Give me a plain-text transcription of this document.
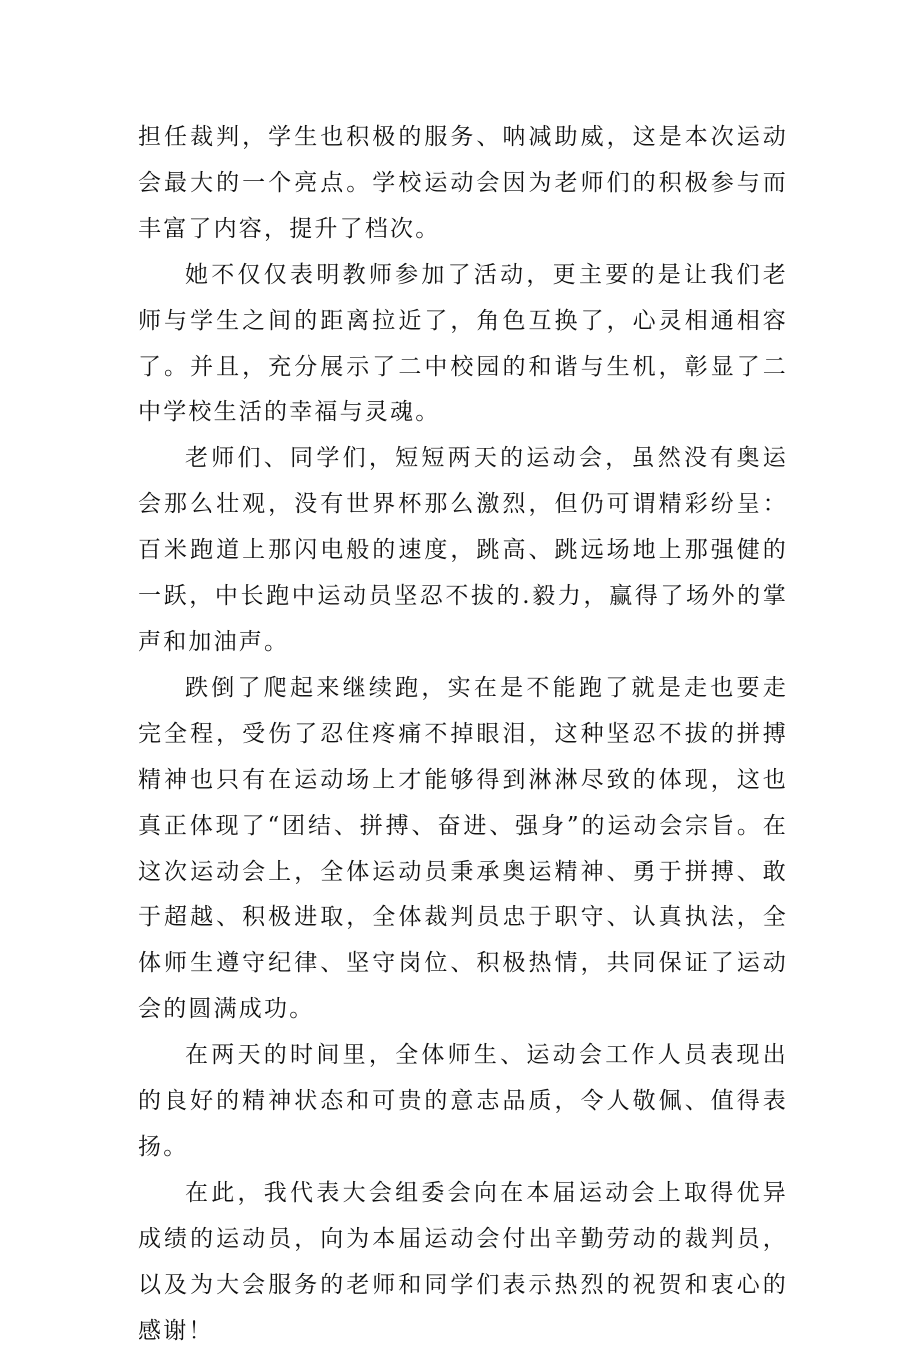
担任裁判，学生也积极的服务、呐减助威，这是本次运动会最大的一个亮点。学校运动会因为老师们的积极参与而丰富了内容，提升了档次。

她不仅仅表明教师参加了活动，更主要的是让我们老师与学生之间的距离拉近了，角色互换了，心灵相通相容了。并且，充分展示了二中校园的和谐与生机，彰显了二中学校生活的幸福与灵魂。

老师们、同学们，短短两天的运动会，虽然没有奥运会那么壮观，没有世界杯那么激烈，但仍可谓精彩纷呈：百米跑道上那闪电般的速度，跳高、跳远场地上那强健的一跃，中长跑中运动员坚忍不拔的.毅力，赢得了场外的掌声和加油声。

跌倒了爬起来继续跑，实在是不能跑了就是走也要走完全程，受伤了忍住疼痛不掉眼泪，这种坚忍不拔的拼搏精神也只有在运动场上才能够得到淋淋尽致的体现，这也真正体现了“团结、拼搏、奋进、强身”的运动会宗旨。在这次运动会上，全体运动员秉承奥运精神、勇于拼搏、敢于超越、积极进取，全体裁判员忠于职守、认真执法，全体师生遵守纪律、坚守岗位、积极热情，共同保证了运动会的圆满成功。

在两天的时间里，全体师生、运动会工作人员表现出的良好的精神状态和可贵的意志品质，令人敬佩、值得表扬。

在此，我代表大会组委会向在本届运动会上取得优异成绩的运动员，向为本届运动会付出辛勤劳动的裁判员，以及为大会服务的老师和同学们表示热烈的祝贺和衷心的感谢！
